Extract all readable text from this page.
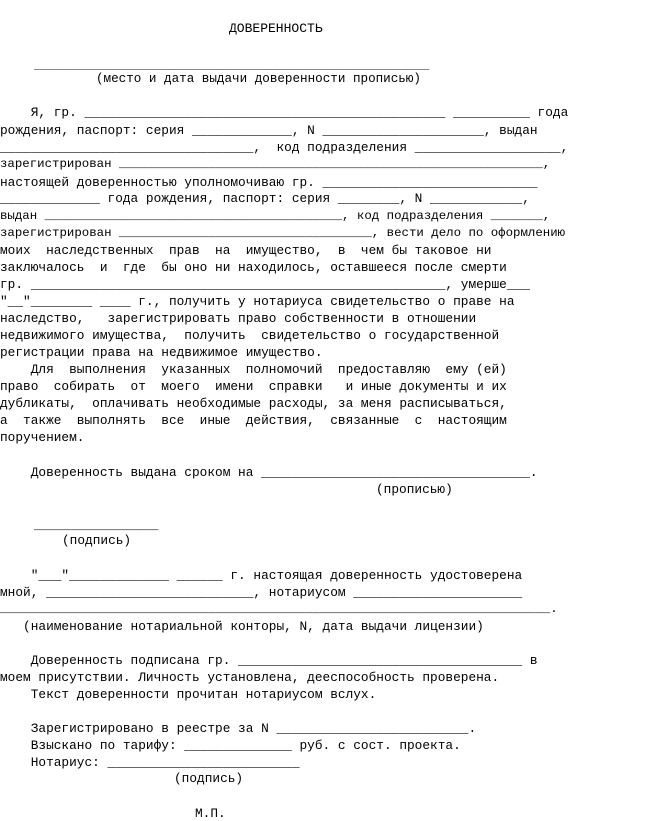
ДОВЕРЕННОСТЬ
____________________________________________________________________
(место и дата выдачи доверенности прописью)
Я, гр. _______________________________________________ __________ года
рождения, паспорт: серия _____________, N _____________________, выдан
_________________________________,  код подразделения ___________________,
зарегистрирован _________________________________________________________,
настоящей доверенностью уполномочиваю гр. ____________________________
_____________ года рождения, паспорт: серия ________, N ____________,
выдан ________________________________________, код подразделения _______,
зарегистрирован __________________________________, вести дело по оформлению
моих  наследственных  прав  на  имуществo,  в  чем бы таковое ни
заключалось  и  где  бы оно ни находилось, оставшееся после смерти
гр. ______________________________________________________, умерше___
"__"________ ____ г., получить у нотариуса свидетельство о праве на
наследство,   зарегистрировать право собственности в отношении
недвижимого имущества,  получить  свидетельство о государственной
регистрации права на недвижимое имущество.
Для  выполнения  указанных  полномочий  предоставляю  ему (ей)
право  собирать  от  моего  имени  справки   и иные документы и их
дубликаты,  оплачивать необходимые расходы, за меня расписываться,
а  также  выполнять  все  иные  действия,  связанные  с  настоящим
поручением.
Доверенность выдана сроком на ___________________________________.
(прописью)
_________________
(подпись)
"___"_____________ ______ г. настоящая доверенность удостоверена
мной, ___________________________, нотариусом ______________________
__________________________________________________________________________.
(наименование нотариальной конторы, N, дата выдачи лицензии)
Доверенность подписана гр. _____________________________________ в
моем присутствии. Личность установлена, дееспособность проверена.
Текст доверенности прочитан нотариусом вслух.
Зарегистрировано в реестре за N _________________________.
Взыскано по тарифу: ______________ руб. с сост. проекта.
Нотариус: _________________________
(подпись)
М.П.
